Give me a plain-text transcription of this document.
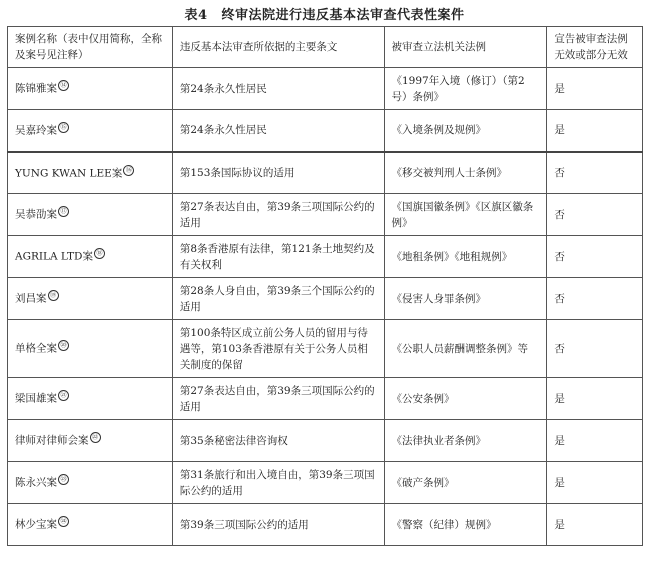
表4 终审法院进行违反基本法审查代表性案件
案例名称（表中仅用简称，全称及案号见注释）	违反基本法审查所依据的主要条文	被审查立法机关法例	宣告被审查法例无效或部分无效
陈锦雅案 ⑭	第24条永久性居民	《1997年入境（修订）（第2号）条例》	是
吴嘉玲案 ⑮	第24条永久性居民	《入境条例及规例》	是
YUNG KWAN LEE案 ⑯	第153条国际协议的适用	《移交被判刑人士条例》	否
吴恭劭案 ⑰	第27条表达自由，第39条三项国际公约的适用	《国旗国徽条例》《区旗区徽条例》	否
AGRILA LTD案 ⑱	第8条香港原有法律，第121条土地契约及有关权利	《地租条例》《地租规例》	否
刘昌案 ⑲	第28条人身自由，第39条三个国际公约的适用	《侵害人身罪条例》	否
单格全案 ⑳	第100条特区成立前公务人员的留用与待遇等，第103条香港原有关于公务人员相关制度的保留	《公职人员薪酬调整条例》等	否
梁国雄案 ㉑	第27条表达自由，第39条三项国际公约的适用	《公安条例》	是
律师对律师会案 ㉒	第35条秘密法律咨询权	《法律执业者条例》	是
陈永兴案 ㉓	第31条旅行和出入境自由，第39条三项国际公约的适用	《破产条例》	是
林少宝案 ㉔	第39条三项国际公约的适用	《警察（纪律）规例》	是
